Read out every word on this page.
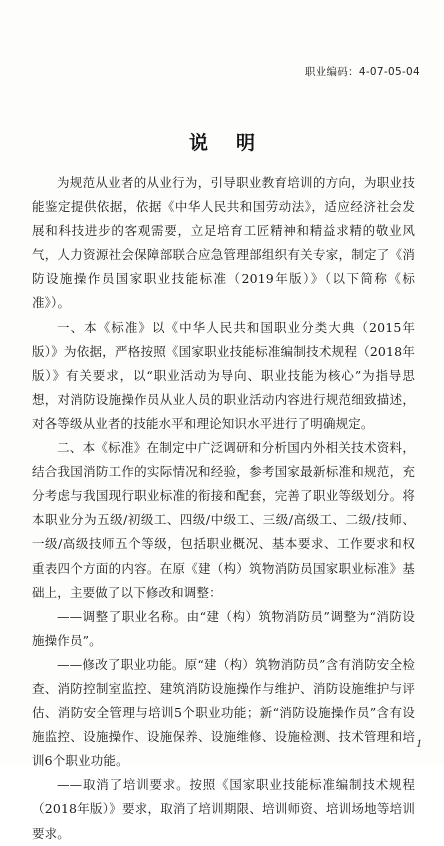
职业编码：4-07-05-04
说明

为规范从业者的从业行为，引导职业教育培训的方向，为职业技能鉴定提供依据，依据《中华人民共和国劳动法》，适应经济社会发展和科技进步的客观需要，立足培育工匠精神和精益求精的敬业风气，人力资源社会保障部联合应急管理部组织有关专家，制定了《消防设施操作员国家职业技能标准（2019年版）》（以下简称《标准》）。

一、本《标准》以《中华人民共和国职业分类大典（2015年版）》为依据，严格按照《国家职业技能标准编制技术规程（2018年版）》有关要求，以“职业活动为导向、职业技能为核心”为指导思想，对消防设施操作员从业人员的职业活动内容进行规范细致描述，对各等级从业者的技能水平和理论知识水平进行了明确规定。

二、本《标准》在制定中广泛调研和分析国内外相关技术资料，结合我国消防工作的实际情况和经验，参考国家最新标准和规范，充分考虑与我国现行职业标准的衔接和配套，完善了职业等级划分。将本职业分为五级/初级工、四级/中级工、三级/高级工、二级/技师、一级/高级技师五个等级，包括职业概况、基本要求、工作要求和权重表四个方面的内容。在原《建（构）筑物消防员国家职业标准》基础上，主要做了以下修改和调整：

——调整了职业名称。由“建（构）筑物消防员”调整为“消防设施操作员”。

——修改了职业功能。原“建（构）筑物消防员”含有消防安全检查、消防控制室监控、建筑消防设施操作与维护、消防设施维护与评估、消防安全管理与培训5个职业功能；新“消防设施操作员”含有设施监控、设施操作、设施保养、设施维修、设施检测、技术管理和培训6个职业功能。

——取消了培训要求。按照《国家职业技能标准编制技术规程（2018年版）》要求，取消了培训期限、培训师资、培训场地等培训要求。

1
